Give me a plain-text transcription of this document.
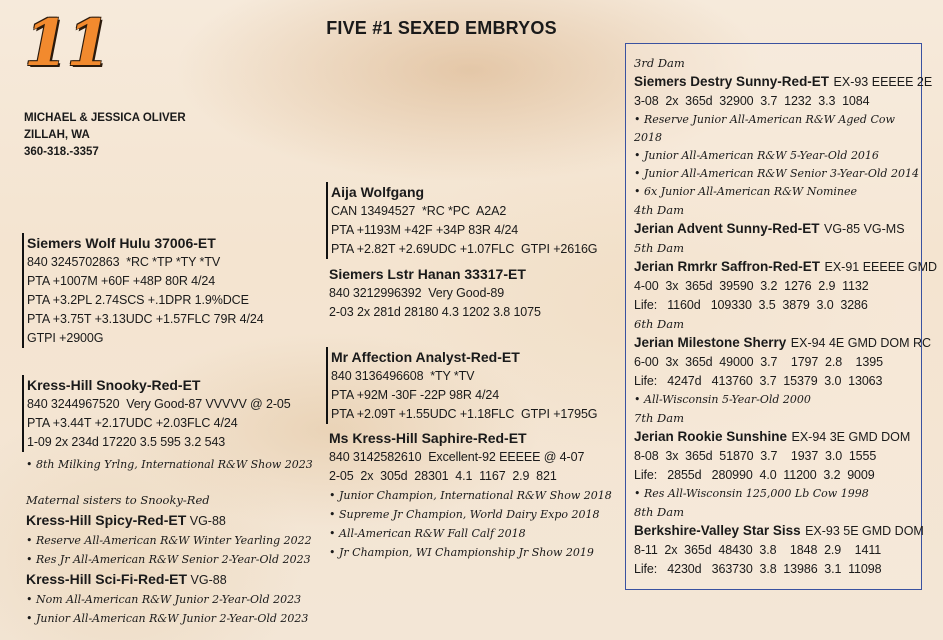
11	FIVE #1 SEXED EMBRYOS
MICHAEL & JESSICA OLIVER
ZILLAH, WA
360-318.-3357
Siemers Wolf Hulu 37006-ET
840 3245702863  *RC *TP *TY *TV
PTA +1007M +60F +48P 80R 4/24
PTA +3.2PL 2.74SCS +.1DPR 1.9%DCE
PTA +3.75T +3.13UDC +1.57FLC 79R 4/24
GTPI +2900G
Kress-Hill Snooky-Red-ET
840 3244967520  Very Good-87 VVVVV @ 2-05
PTA +3.44T +2.17UDC +2.03FLC 4/24
1-09 2x 234d 17220 3.5 595 3.2 543
• 8th Milking Yrlng, International R&W Show 2023
Maternal sisters to Snooky-Red
Kress-Hill Spicy-Red-ET VG-88
• Reserve All-American R&W Winter Yearling 2022
• Res Jr All-American R&W Senior 2-Year-Old 2023
Kress-Hill Sci-Fi-Red-ET VG-88
• Nom All-American R&W Junior 2-Year-Old 2023
• Junior All-American R&W Junior 2-Year-Old 2023
Aija Wolfgang
CAN 13494527  *RC *PC  A2A2
PTA +1193M +42F +34P 83R 4/24
PTA +2.82T +2.69UDC +1.07FLC  GTPI +2616G
Siemers Lstr Hanan 33317-ET
840 3212996392  Very Good-89
2-03 2x 281d 28180 4.3 1202 3.8 1075
Mr Affection Analyst-Red-ET
840 3136496608  *TY *TV
PTA +92M -30F -22P 98R 4/24
PTA +2.09T +1.55UDC +1.18FLC  GTPI +1795G
Ms Kress-Hill Saphire-Red-ET
840 3142582610  Excellent-92 EEEEE @ 4-07
2-05  2x  305d  28301  4.1  1167  2.9  821
• Junior Champion, International R&W Show 2018
• Supreme Jr Champion, World Dairy Expo 2018
• All-American R&W Fall Calf 2018
• Jr Champion, WI Championship Jr Show 2019
3rd Dam
Siemers Destry Sunny-Red-ET EX-93 EEEEE 2E
3-08  2x  365d  32900  3.7  1232  3.3  1084
• Reserve Junior All-American R&W Aged Cow 2018
• Junior All-American R&W 5-Year-Old 2016
• Junior All-American R&W Senior 3-Year-Old 2014
• 6x Junior All-American R&W Nominee
4th Dam
Jerian Advent Sunny-Red-ET VG-85 VG-MS
5th Dam
Jerian Rmrkr Saffron-Red-ET EX-91 EEEEE GMD
4-00  3x  365d  39590  3.2  1276  2.9  1132
Life:   1160d   109330  3.5  3879  3.0  3286
6th Dam
Jerian Milestone Sherry EX-94 4E GMD DOM RC
6-00  3x  365d  49000  3.7    1797  2.8    1395
Life:   4247d   413760  3.7  15379  3.0  13063
• All-Wisconsin 5-Year-Old 2000
7th Dam
Jerian Rookie Sunshine EX-94 3E GMD DOM
8-08  3x  365d  51870  3.7    1937  3.0  1555
Life:   2855d   280990  4.0  11200  3.2  9009
• Res All-Wisconsin 125,000 Lb Cow 1998
8th Dam
Berkshire-Valley Star Siss EX-93 5E GMD DOM
8-11  2x  365d  48430  3.8    1848  2.9    1411
Life:   4230d   363730  3.8  13986  3.1  11098
